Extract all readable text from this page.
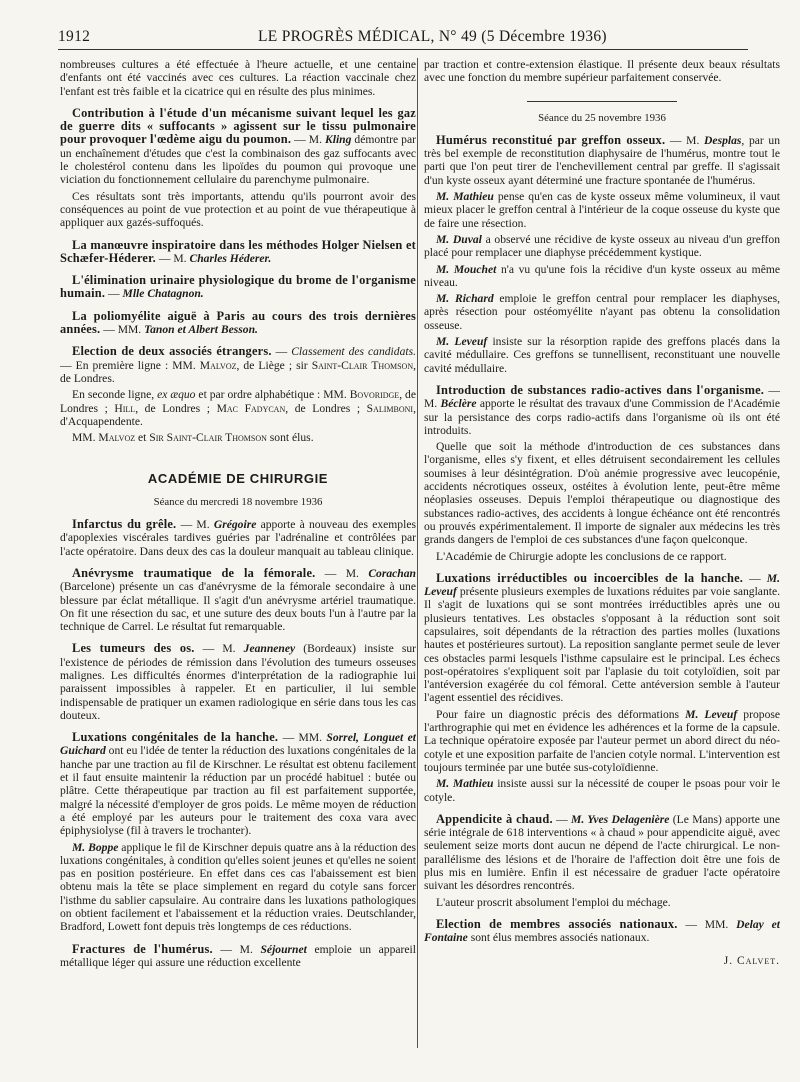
1912	LE PROGRÈS MÉDICAL, N° 49 (5 Décembre 1936)

nombreuses cultures a été effectuée à l'heure actuelle, et une centaine d'enfants ont été vaccinés avec ces cultures. La réaction vaccinale chez l'enfant est très faible et la cicatrice qui en résulte des plus minimes.

Contribution à l'étude d'un mécanisme suivant lequel les gaz de guerre dits « suffocants » agissent sur le tissu pulmonaire pour provoquer l'œdème aigu du poumon. — M. Kling démontre par un enchaînement d'études que c'est la combinaison des gaz suffocants avec le cholestérol contenu dans les lipoïdes du poumon qui provoque une viciation du fonctionnement cellulaire du parenchyme pulmonaire.

Ces résultats sont très importants, attendu qu'ils pourront avoir des conséquences au point de vue protection et au point de vue thérapeutique à appliquer aux gazés-suffoqués.

La manœuvre inspiratoire dans les méthodes Holger Nielsen et Schæfer-Héderer. — M. Charles Héderer.

L'élimination urinaire physiologique du brome de l'organisme humain. — Mlle Chatagnon.

La poliomyélite aiguë à Paris au cours des trois dernières années. — MM. Tanon et Albert Besson.

Election de deux associés étrangers. — Classement des candidats. — En première ligne : MM. Malvoz, de Liège ; sir Saint-Clair Thomson, de Londres.

En seconde ligne, ex æquo et par ordre alphabétique : MM. Bovoridge, de Londres ; Hill, de Londres ; Mac Fadycan, de Londres ; Salimboni, d'Acquapendente.

MM. Malvoz et Sir Saint-Clair Thomson sont élus.

ACADÉMIE DE CHIRURGIE
Séance du mercredi 18 novembre 1936

Infarctus du grêle. — M. Grégoire apporte à nouveau des exemples d'apoplexies viscérales tardives guéries par l'adrénaline et contrôlées par l'acte opératoire. Dans deux des cas la douleur manquait au tableau clinique.

Anévrysme traumatique de la fémorale. — M. Corachan (Barcelone) présente un cas d'anévrysme de la fémorale secondaire à une blessure par éclat métallique. Il s'agit d'un anévrysme artériel traumatique. On fit une résection du sac, et une suture des deux bouts l'un à l'autre par la technique de Carrel. Le résultat fut remarquable.

Les tumeurs des os. — M. Jeanneney (Bordeaux) insiste sur l'existence de périodes de rémission dans l'évolution des tumeurs osseuses malignes. Les difficultés énormes d'interprétation de la radiographie lui paraissent impossibles à rappeler. Et en particulier, il lui semble indispensable de pratiquer un examen radiologique en série dans tous les cas douteux.

Luxations congénitales de la hanche. — MM. Sorrel, Longuet et Guichard ont eu l'idée de tenter la réduction des luxations congénitales de la hanche par une traction au fil de Kirschner. Le résultat est obtenu facilement et il faut ensuite maintenir la réduction par un procédé habituel : butée ou plâtre. Cette thérapeutique par traction au fil est parfaitement supportée, malgré la nécessité d'employer de gros poids. Le même moyen de réduction a été employé par les auteurs pour le traitement des coxa vara avec épiphysiolyse (fil à travers le trochanter).

M. Boppe applique le fil de Kirschner depuis quatre ans à la réduction des luxations congénitales, à condition qu'elles soient jeunes et qu'elles ne soient pas en position postérieure. En effet dans ces cas l'abaissement est bien obtenu mais la tête se place simplement en regard du cotyle sans forcer l'isthme du sablier capsulaire. Au contraire dans les luxations pathologiques on obtient facilement et l'abaissement et la réduction vraies. Deutschlander, Bradford, Lowett font depuis très longtemps de ces réductions.

Fractures de l'humérus. — M. Séjournet emploie un appareil métallique léger qui assure une réduction excellente

par traction et contre-extension élastique. Il présente deux beaux résultats avec une fonction du membre supérieur parfaitement conservée.

Séance du 25 novembre 1936

Humérus reconstitué par greffon osseux. — M. Desplas, par un très bel exemple de reconstitution diaphysaire de l'humérus, montre tout le parti que l'on peut tirer de l'enchevillement central par greffe. Il s'agissait d'un kyste osseux ayant déterminé une fracture spontanée de l'humérus.

M. Mathieu pense qu'en cas de kyste osseux même volumineux, il vaut mieux placer le greffon central à l'intérieur de la coque osseuse du kyste que de faire une résection.

M. Duval a observé une récidive de kyste osseux au niveau d'un greffon placé pour remplacer une diaphyse précédemment kystique.

M. Mouchet n'a vu qu'une fois la récidive d'un kyste osseux au même niveau.

M. Richard emploie le greffon central pour remplacer les diaphyses, après résection pour ostéomyélite n'ayant pas obtenu la consolidation osseuse.

M. Leveuf insiste sur la résorption rapide des greffons placés dans la cavité médullaire. Ces greffons se tunnellisent, reconstituant une nouvelle cavité médullaire.

Introduction de substances radio-actives dans l'organisme. — M. Béclère apporte le résultat des travaux d'une Commission de l'Académie sur la persistance des corps radio-actifs dans l'organisme où ils ont été introduits.

Quelle que soit la méthode d'introduction de ces substances dans l'organisme, elles s'y fixent, et elles détruisent secondairement les cellules soumises à leur désintégration. D'où anémie progressive avec leucopénie, accidents nécrotiques osseux, ostéites à évolution lente, peut-être même néoplasies osseuses. Depuis l'emploi thérapeutique ou diagnostique des substances radio-actives, des accidents à longue échéance ont été rencontrés ou prouvés expérimentalement. Il importe de signaler aux médecins les très grands dangers de l'emploi de ces substances d'une façon quelconque.

L'Académie de Chirurgie adopte les conclusions de ce rapport.

Luxations irréductibles ou incoercibles de la hanche. — M. Leveuf présente plusieurs exemples de luxations réduites par voie sanglante. Il s'agit de luxations qui se sont montrées irréductibles après une ou plusieurs tentatives. Les obstacles s'opposant à la réduction sont soit capsulaires, soit dépendants de la rétraction des parties molles (luxations hautes et postérieures surtout). La reposition sanglante permet seule de lever ces obstacles parmi lesquels l'isthme capsulaire est le principal. Les échecs post-opératoires s'expliquent soit par l'aplasie du toit cotyloïdien, soit par l'antéversion exagérée du col fémoral. Cette antéversion semble à l'auteur l'agent essentiel des récidives.

Pour faire un diagnostic précis des déformations M. Leveuf propose l'arthrographie qui met en évidence les adhérences et la forme de la capsule. La technique opératoire exposée par l'auteur permet un abord direct du néo-cotyle et une exposition parfaite de l'ancien cotyle normal. L'intervention est toujours terminée par une butée sus-cotyloïdienne.

M. Mathieu insiste aussi sur la nécessité de couper le psoas pour voir le cotyle.

Appendicite à chaud. — M. Yves Delagenière (Le Mans) apporte une série intégrale de 618 interventions « à chaud » pour appendicite aiguë, avec seulement seize morts dont aucun ne dépend de l'acte chirurgical. Le non-parallélisme des lésions et de l'horaire de l'affection doit être une fois de plus mis en lumière. Enfin il est nécessaire de graduer l'acte opératoire suivant les désordres rencontrés.

L'auteur proscrit absolument l'emploi du méchage.

Election de membres associés nationaux. — MM. Delay et Fontaine sont élus membres associés nationaux.

J. Calvet.
